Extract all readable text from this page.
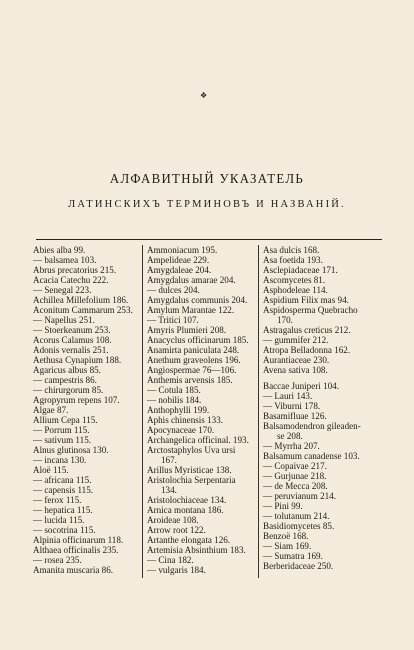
❖
АЛФАВИТНЫЙ УКАЗАТЕЛЬ
ЛАТИНСКИХЪ ТЕРМИНОВЪ И НАЗВАНІЙ.
Abies alba 99.
— balsamea 103.
Abrus precatorius 215.
Acacia Catechu 222.
— Senegal 223.
Achillea Millefolium 186.
Aconitum Cammarum 253.
— Napellus 251.
— Stoerkeanum 253.
Acorus Calamus 108.
Adonis vernalis 251.
Aethusa Cynapium 188.
Agaricus albus 85.
— campestris 86.
— chirurgorum 85.
Agropyrum repens 107.
Algae 87.
Allium Cepa 115.
— Porrum 115.
— sativum 115.
Alnus glutinosa 130.
— incana 130.
Aloë 115.
— africana 115.
— capensis 115.
— ferox 115.
— hepatica 115.
— lucida 115.
— socotrina 115.
Alpinia officinarum 118.
Althaea officinalis 235.
— rosea 235.
Amanita muscaria 86.
Ammoniacum 195.
Ampelideae 229.
Amygdaleae 204.
Amygdalus amarae 204.
— dulces 204.
Amygdalus communis 204.
Amylum Marantae 122.
— Tritici 107.
Amyris Plumieri 208.
Anacyclus officinarum 185.
Anamirta paniculata 248.
Anethum graveolens 196.
Angiospermae 76—106.
Anthemis arvensis 185.
— Cotula 185.
— nobilis 184.
Anthophylli 199.
Aphis chinensis 133.
Apocynaceae 170.
Archangelica officinal. 193.
Arctostaphylos Uva ursi
167.
Arillus Myristicae 138.
Aristolochia Serpentaria
134.
Aristolochiaceae 134.
Arnica montana 186.
Aroideae 108.
Arrow root 122.
Artanthe elongata 126.
Artemisia Absinthium 183.
— Cina 182.
— vulgaris 184.
Asa dulcis 168.
Asa foetida 193.
Asclepiadaceae 171.
Ascomycetes 81.
Asphodeleae 114.
Aspidium Filix mas 94.
Aspidosperma Quebracho
170.
Astragalus creticus 212.
— gummifer 212.
Atropa Belladonna 162.
Aurantiaceae 230.
Avena sativa 108.
Baccae Juniperi 104.
— Lauri 143.
— Viburni 178.
Basamifluae 126.
Balsamodendron gileaden-
se 208.
— Myrrha 207.
Balsamum canadense 103.
— Copaivae 217.
— Gurjunae 218.
— de Mecca 208.
— peruvianum 214.
— Pini 99.
— tolutanum 214.
Basidiomycetes 85.
Benzoë 168.
— Siam 169.
— Sumatra 169.
Berberidaceae 250.
